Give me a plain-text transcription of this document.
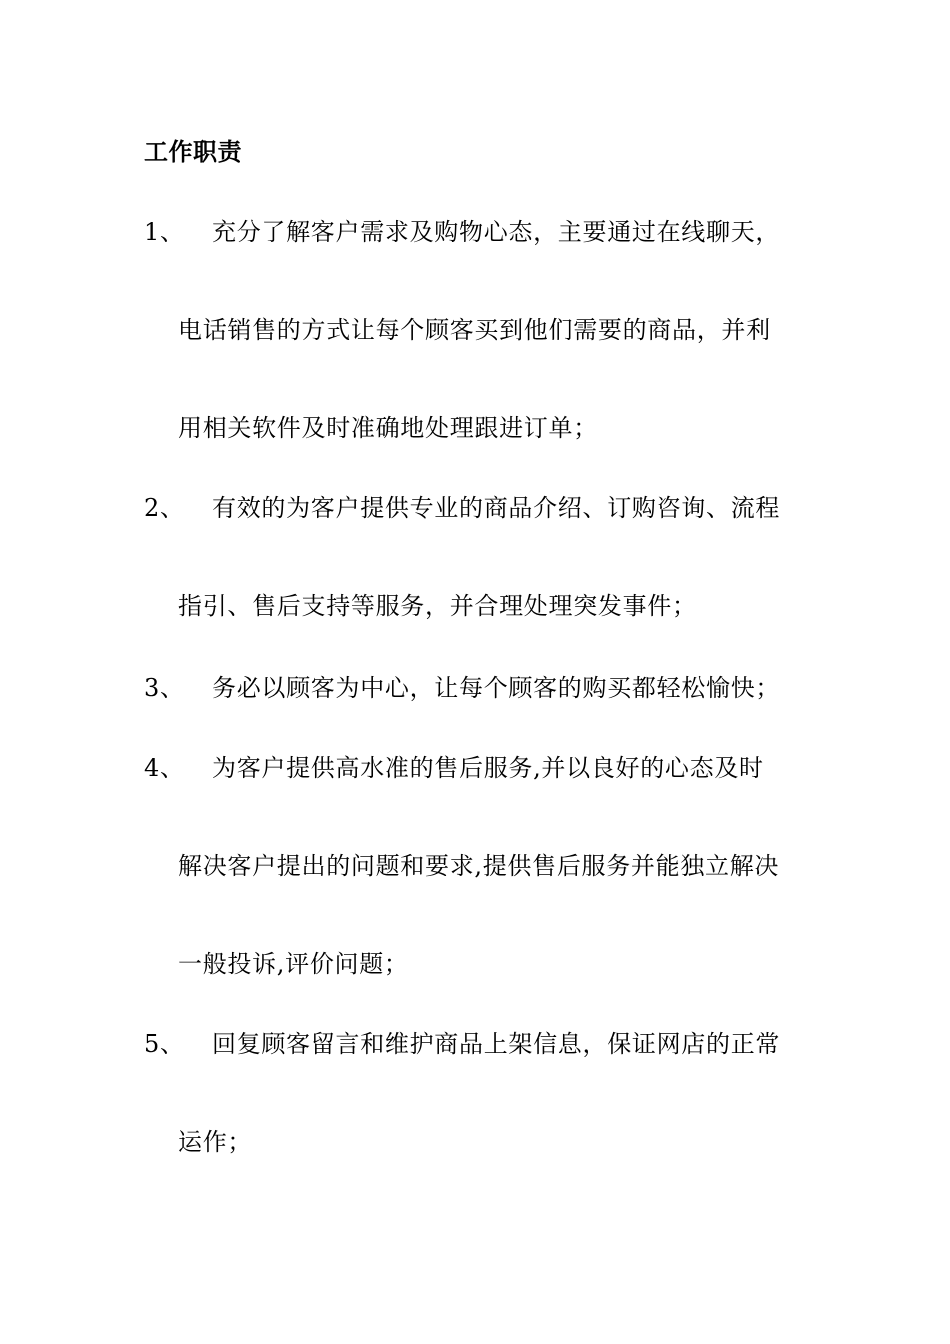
工作职责
1、 充分了解客户需求及购物心态，主要通过在线聊天，
电话销售的方式让每个顾客买到他们需要的商品，并利
用相关软件及时准确地处理跟进订单；
2、 有效的为客户提供专业的商品介绍、订购咨询、流程
指引、售后支持等服务，并合理处理突发事件；
3、 务必以顾客为中心，让每个顾客的购买都轻松愉快；
4、 为客户提供高水准的售后服务,并以良好的心态及时
解决客户提出的问题和要求,提供售后服务并能独立解决
一般投诉,评价问题；
5、 回复顾客留言和维护商品上架信息，保证网店的正常
运作；
